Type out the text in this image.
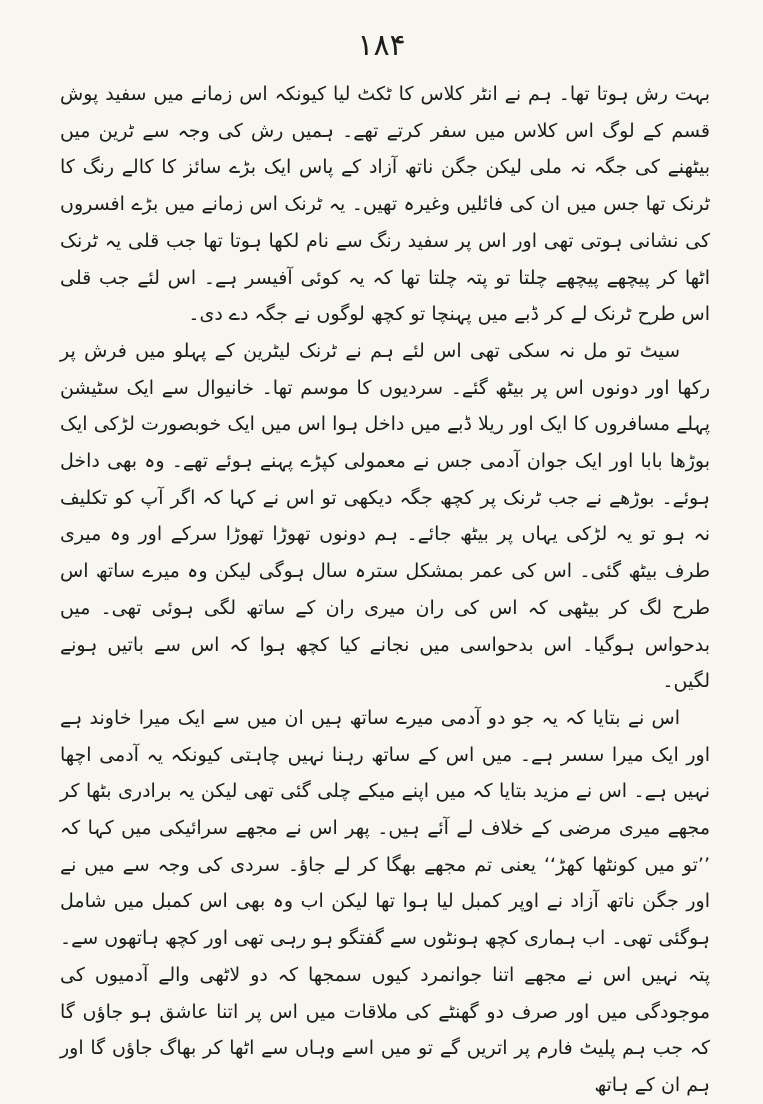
۱۸۴

بہت رش ہوتا تھا۔ ہم نے انٹر کلاس کا ٹکٹ لیا کیونکہ اس زمانے میں سفید پوش قسم کے لوگ اس کلاس میں سفر کرتے تھے۔ ہمیں رش کی وجہ سے ٹرین میں بیٹھنے کی جگہ نہ ملی لیکن جگن ناتھ آزاد کے پاس ایک بڑے سائز کا کالے رنگ کا ٹرنک تھا جس میں ان کی فائلیں وغیرہ تھیں۔ یہ ٹرنک اس زمانے میں بڑے افسروں کی نشانی ہوتی تھی اور اس پر سفید رنگ سے نام لکھا ہوتا تھا جب قلی یہ ٹرنک اٹھا کر پیچھے پیچھے چلتا تو پتہ چلتا تھا کہ یہ کوئی آفیسر ہے۔ اس لئے جب قلی اس طرح ٹرنک لے کر ڈبے میں پہنچا تو کچھ لوگوں نے جگہ دے دی۔

سیٹ تو مل نہ سکی تھی اس لئے ہم نے ٹرنک لیٹرین کے پہلو میں فرش پر رکھا اور دونوں اس پر بیٹھ گئے۔ سردیوں کا موسم تھا۔ خانیوال سے ایک سٹیشن پہلے مسافروں کا ایک اور ریلا ڈبے میں داخل ہوا اس میں ایک خوبصورت لڑکی ایک بوڑھا بابا اور ایک جوان آدمی جس نے معمولی کپڑے پہنے ہوئے تھے۔ وہ بھی داخل ہوئے۔ بوڑھے نے جب ٹرنک پر کچھ جگہ دیکھی تو اس نے کہا کہ اگر آپ کو تکلیف نہ ہو تو یہ لڑکی یہاں پر بیٹھ جائے۔ ہم دونوں تھوڑا تھوڑا سرکے اور وہ میری طرف بیٹھ گئی۔ اس کی عمر بمشکل سترہ سال ہوگی لیکن وہ میرے ساتھ اس طرح لگ کر بیٹھی کہ اس کی ران میری ران کے ساتھ لگی ہوئی تھی۔ میں بدحواس ہوگیا۔ اس بدحواسی میں نجانے کیا کچھ ہوا کہ اس سے باتیں ہونے لگیں۔

اس نے بتایا کہ یہ جو دو آدمی میرے ساتھ ہیں ان میں سے ایک میرا خاوند ہے اور ایک میرا سسر ہے۔ میں اس کے ساتھ رہنا نہیں چاہتی کیونکہ یہ آدمی اچھا نہیں ہے۔ اس نے مزید بتایا کہ میں اپنے میکے چلی گئی تھی لیکن یہ برادری بٹھا کر مجھے میری مرضی کے خلاف لے آئے ہیں۔ پھر اس نے مجھے سرائیکی میں کہا کہ ’’تو میں کونٹھا کھڑ‘‘ یعنی تم مجھے بھگا کر لے جاؤ۔ سردی کی وجہ سے میں نے اور جگن ناتھ آزاد نے اوپر کمبل لیا ہوا تھا لیکن اب وہ بھی اس کمبل میں شامل ہوگئی تھی۔ اب ہماری کچھ ہونٹوں سے گفتگو ہو رہی تھی اور کچھ ہاتھوں سے۔ پتہ نہیں اس نے مجھے اتنا جوانمرد کیوں سمجھا کہ دو لاٹھی والے آدمیوں کی موجودگی میں اور صرف دو گھنٹے کی ملاقات میں اس پر اتنا عاشق ہو جاؤں گا کہ جب ہم پلیٹ فارم پر اتریں گے تو میں اسے وہاں سے اٹھا کر بھاگ جاؤں گا اور ہم ان کے ہاتھ
